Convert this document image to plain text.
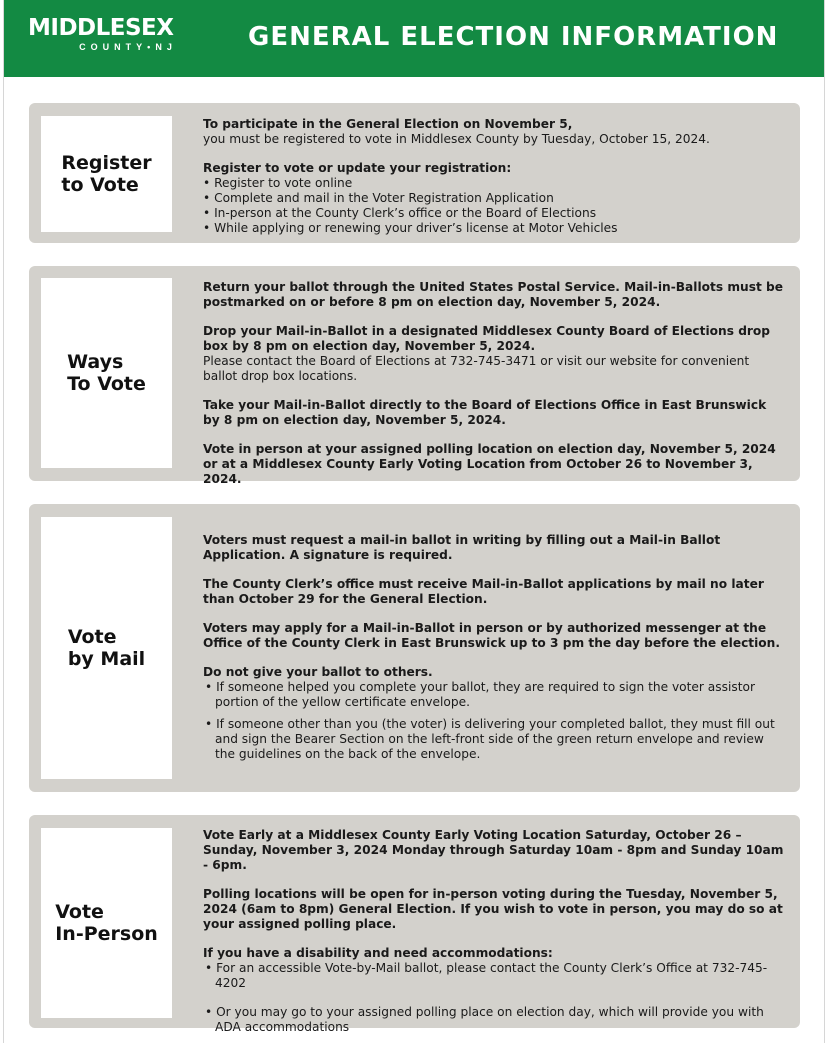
MIDDLESEX
COUNTY•NJ	GENERAL ELECTION INFORMATION
Register
to Vote

To participate in the General Election on November 5,

you must be registered to vote in Middlesex County by Tuesday, October 15, 2024.

Register to vote or update your registration:

• Register to vote online

• Complete and mail in the Voter Registration Application

• In-person at the County Clerk’s office or the Board of Elections

• While applying or renewing your driver’s license at Motor Vehicles

Ways
To Vote

Return your ballot through the United States Postal Service. Mail-in-Ballots must be postmarked on or before 8 pm on election day, November 5, 2024.

Drop your Mail-in-Ballot in a designated Middlesex County Board of Elections drop box by 8 pm on election day, November 5, 2024.

Please contact the Board of Elections at 732-745-3471 or visit our website for convenient ballot drop box locations.

Take your Mail-in-Ballot directly to the Board of Elections Office in East Brunswick by 8 pm on election day, November 5, 2024.

Vote in person at your assigned polling location on election day, November 5, 2024 or at a Middlesex County Early Voting Location from October 26 to November 3, 2024.

Vote
by Mail

Voters must request a mail-in ballot in writing by filling out a Mail-in Ballot Application. A signature is required.

The County Clerk’s office must receive Mail-in-Ballot applications by mail no later than October 29 for the General Election.

Voters may apply for a Mail-in-Ballot in person or by authorized messenger at the Office of the County Clerk in East Brunswick up to 3 pm the day before the election.

Do not give your ballot to others.

• If someone helped you complete your ballot, they are required to sign the voter assistor portion of the yellow certificate envelope.

• If someone other than you (the voter) is delivering your completed ballot, they must fill out and sign the Bearer Section on the left-front side of the green return envelope and review the guidelines on the back of the envelope.

Vote
In-Person

Vote Early at a Middlesex County Early Voting Location Saturday, October 26 – Sunday, November 3, 2024 Monday through Saturday 10am - 8pm and Sunday 10am - 6pm.

Polling locations will be open for in-person voting during the Tuesday, November 5, 2024 (6am to 8pm) General Election. If you wish to vote in person, you may do so at your assigned polling place.

If you have a disability and need accommodations:

• For an accessible Vote-by-Mail ballot, please contact the County Clerk’s Office at 732-745-4202

• Or you may go to your assigned polling place on election day, which will provide you with ADA accommodations
